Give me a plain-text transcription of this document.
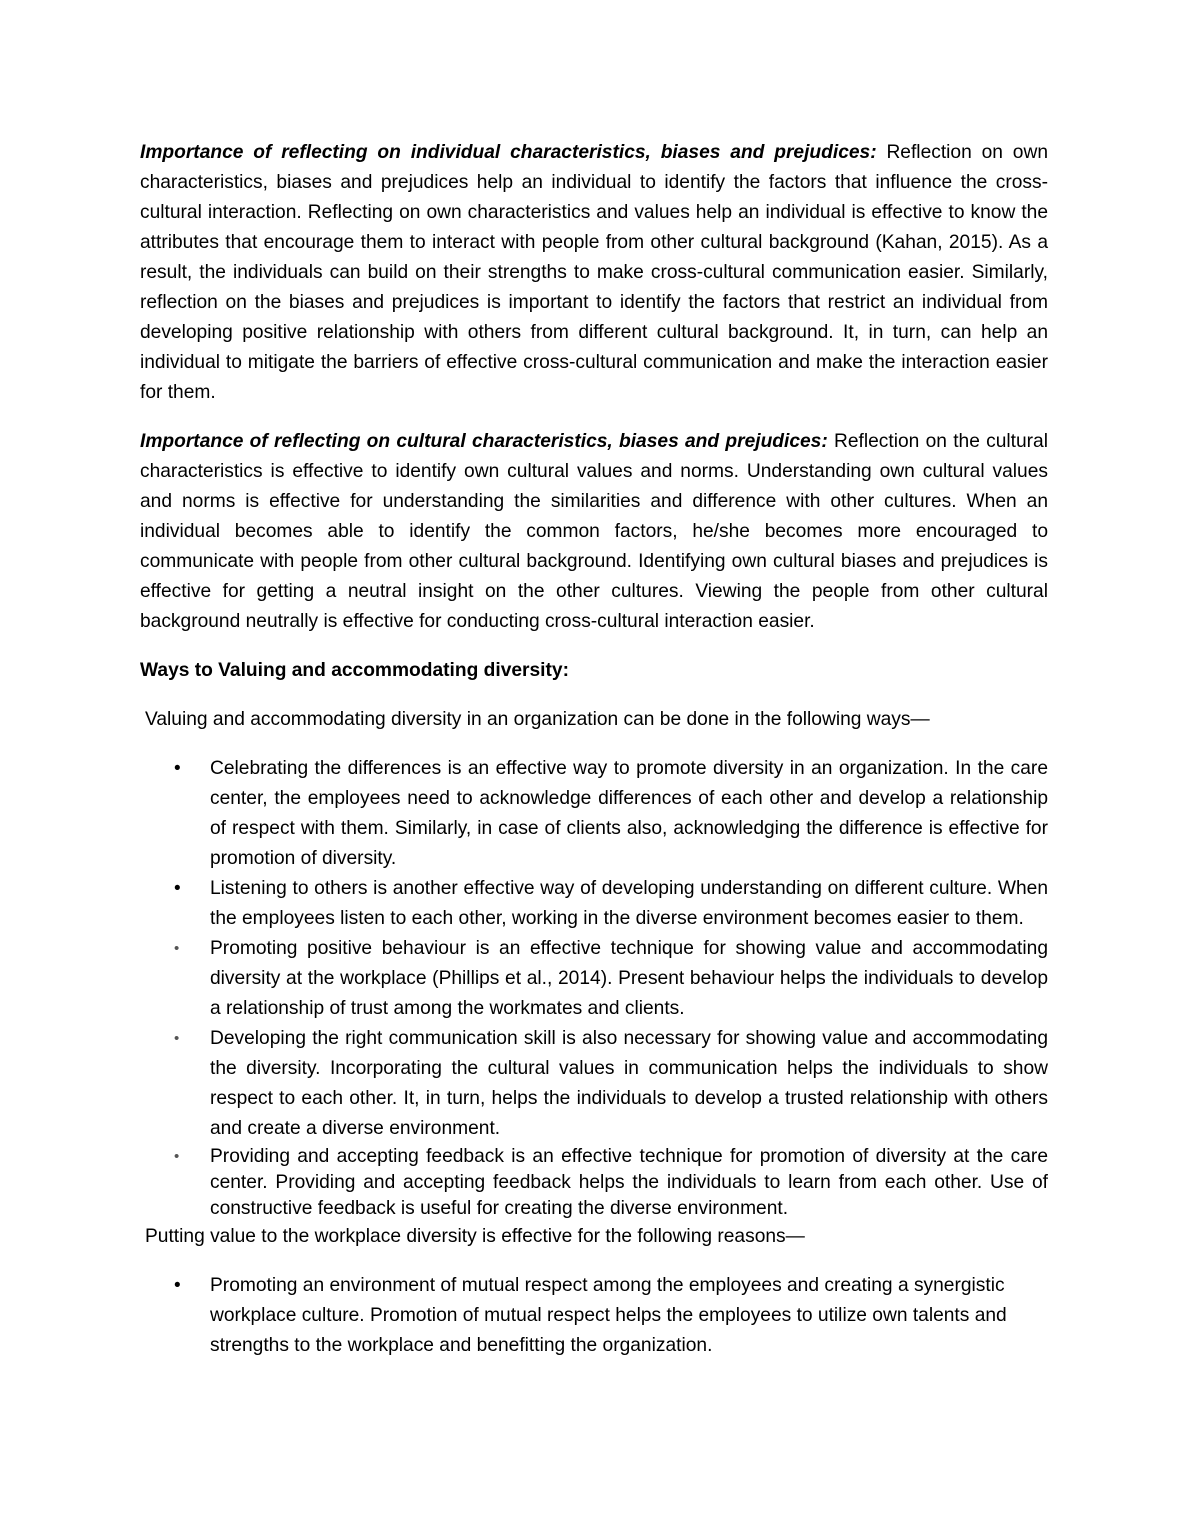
Importance of reflecting on individual characteristics, biases and prejudices: Reflection on own characteristics, biases and prejudices help an individual to identify the factors that influence the cross-cultural interaction. Reflecting on own characteristics and values help an individual is effective to know the attributes that encourage them to interact with people from other cultural background (Kahan, 2015). As a result, the individuals can build on their strengths to make cross-cultural communication easier. Similarly, reflection on the biases and prejudices is important to identify the factors that restrict an individual from developing positive relationship with others from different cultural background. It, in turn, can help an individual to mitigate the barriers of effective cross-cultural communication and make the interaction easier for them.

Importance of reflecting on cultural characteristics, biases and prejudices: Reflection on the cultural characteristics is effective to identify own cultural values and norms. Understanding own cultural values and norms is effective for understanding the similarities and difference with other cultures. When an individual becomes able to identify the common factors, he/she becomes more encouraged to communicate with people from other cultural background. Identifying own cultural biases and prejudices is effective for getting a neutral insight on the other cultures. Viewing the people from other cultural background neutrally is effective for conducting cross-cultural interaction easier.

Ways to Valuing and accommodating diversity:

Valuing and accommodating diversity in an organization can be done in the following ways—

• Celebrating the differences is an effective way to promote diversity in an organization. In the care center, the employees need to acknowledge differences of each other and develop a relationship of respect with them. Similarly, in case of clients also, acknowledging the difference is effective for promotion of diversity.
• Listening to others is another effective way of developing understanding on different culture. When the employees listen to each other, working in the diverse environment becomes easier to them.
• Promoting positive behaviour is an effective technique for showing value and accommodating diversity at the workplace (Phillips et al., 2014). Present behaviour helps the individuals to develop a relationship of trust among the workmates and clients.
• Developing the right communication skill is also necessary for showing value and accommodating the diversity. Incorporating the cultural values in communication helps the individuals to show respect to each other. It, in turn, helps the individuals to develop a trusted relationship with others and create a diverse environment.
• Providing and accepting feedback is an effective technique for promotion of diversity at the care center. Providing and accepting feedback helps the individuals to learn from each other. Use of constructive feedback is useful for creating the diverse environment.

Putting value to the workplace diversity is effective for the following reasons—

• Promoting an environment of mutual respect among the employees and creating a synergistic workplace culture. Promotion of mutual respect helps the employees to utilize own talents and strengths to the workplace and benefitting the organization.
